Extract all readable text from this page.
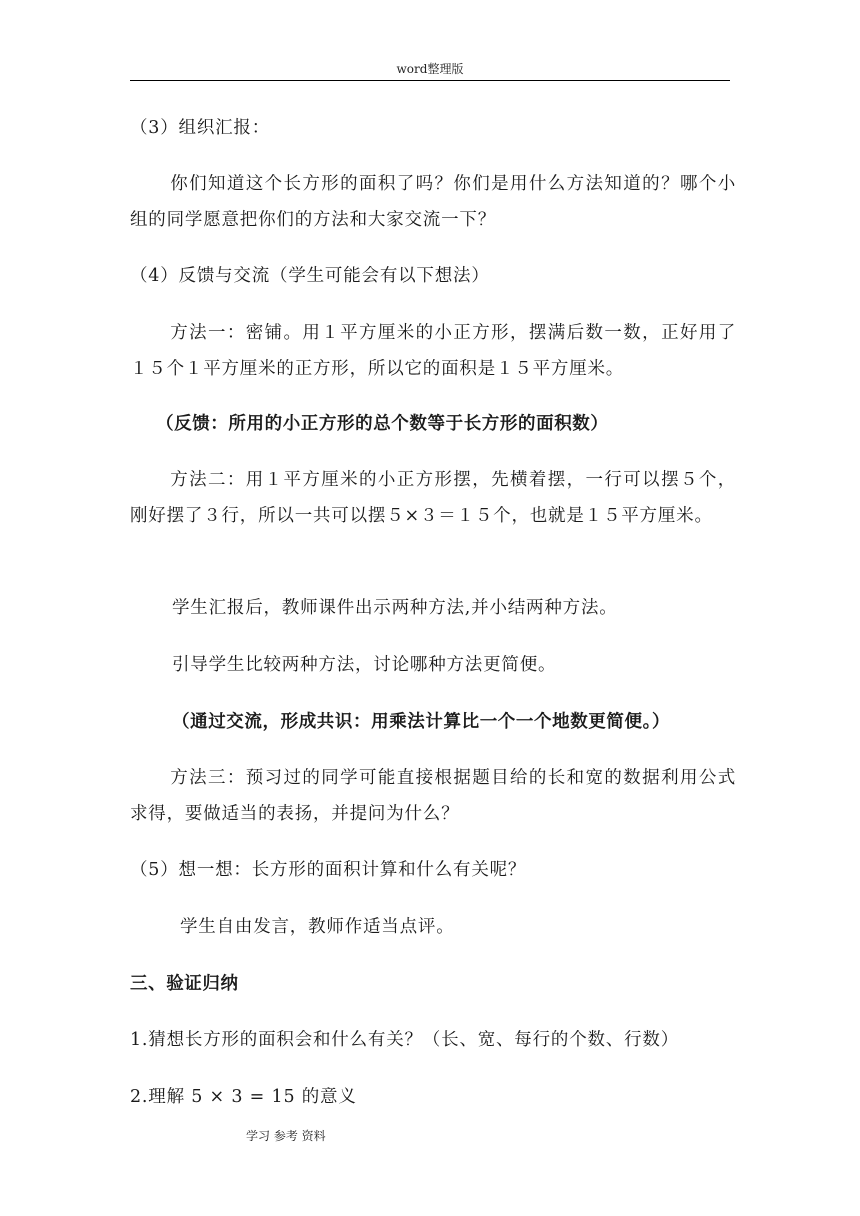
word整理版
（3）组织汇报：
你们知道这个长方形的面积了吗？你们是用什么方法知道的？哪个小组的同学愿意把你们的方法和大家交流一下？
（4）反馈与交流（学生可能会有以下想法）
方法一：密铺。用１平方厘米的小正方形，摆满后数一数，正好用了１５个１平方厘米的正方形，所以它的面积是１５平方厘米。
（反馈：所用的小正方形的总个数等于长方形的面积数）
方法二：用１平方厘米的小正方形摆，先横着摆，一行可以摆５个，刚好摆了３行，所以一共可以摆５×３＝１５个，也就是１５平方厘米。
学生汇报后，教师课件出示两种方法,并小结两种方法。
引导学生比较两种方法，讨论哪种方法更简便。
（通过交流，形成共识：用乘法计算比一个一个地数更简便。）
方法三：预习过的同学可能直接根据题目给的长和宽的数据利用公式求得，要做适当的表扬，并提问为什么？
（5）想一想：长方形的面积计算和什么有关呢？
学生自由发言，教师作适当点评。
三、验证归纳
1.猜想长方形的面积会和什么有关？（长、宽、每行的个数、行数）
2.理解 5 × 3 = 15 的意义
学习 参考 资料
